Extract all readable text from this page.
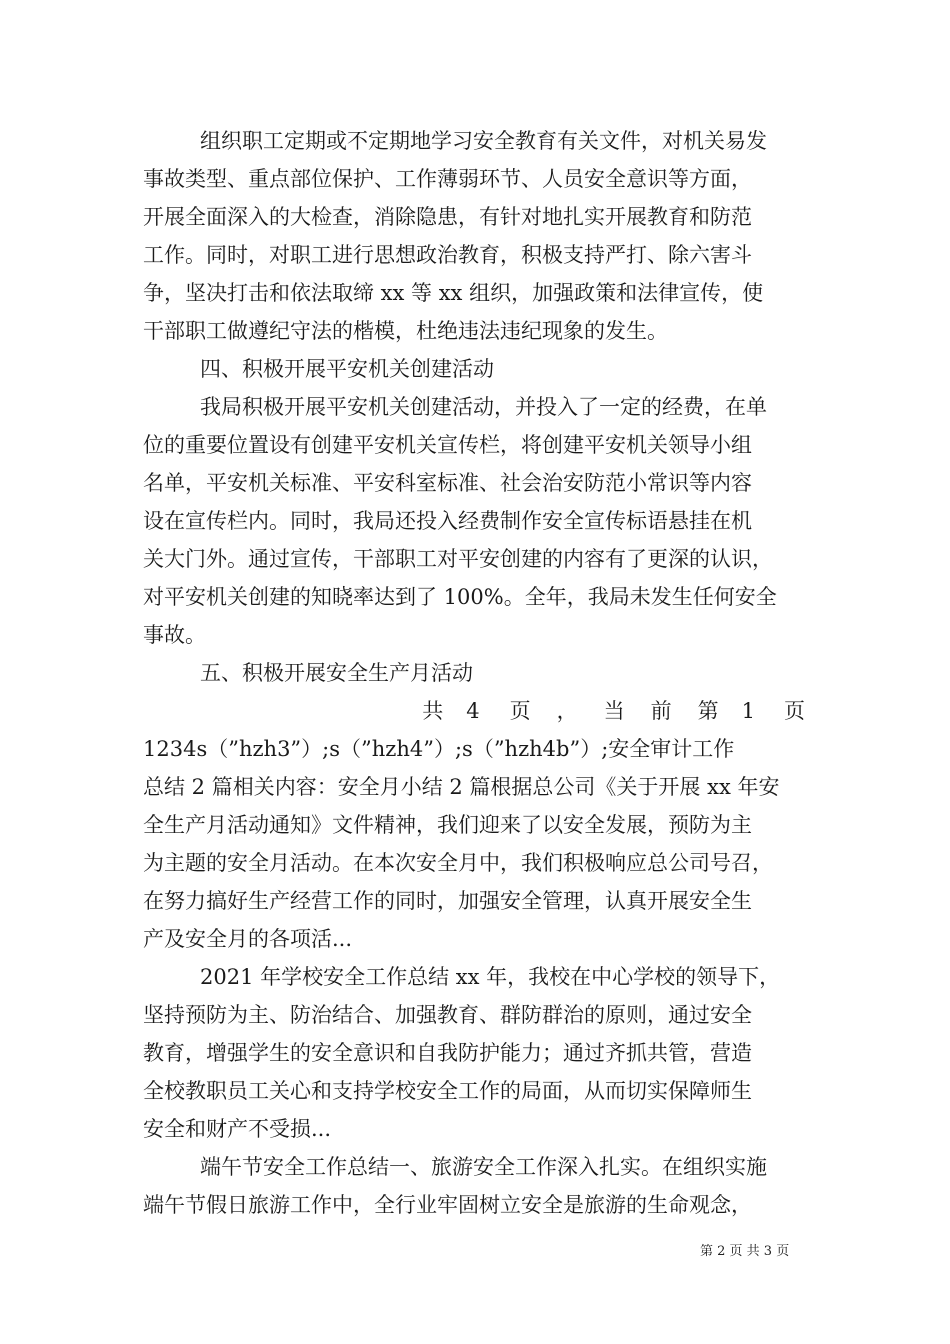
组织职工定期或不定期地学习安全教育有关文件，对机关易发
事故类型、重点部位保护、工作薄弱环节、人员安全意识等方面，
开展全面深入的大检查，消除隐患，有针对地扎实开展教育和防范
工作。同时，对职工进行思想政治教育，积极支持严打、除六害斗
争，坚决打击和依法取缔 xx 等 xx 组织，加强政策和法律宣传，使
干部职工做遵纪守法的楷模，杜绝违法违纪现象的发生。
四、积极开展平安机关创建活动
我局积极开展平安机关创建活动，并投入了一定的经费，在单
位的重要位置设有创建平安机关宣传栏，将创建平安机关领导小组
名单，平安机关标准、平安科室标准、社会治安防范小常识等内容
设在宣传栏内。同时，我局还投入经费制作安全宣传标语悬挂在机
关大门外。通过宣传，干部职工对平安创建的内容有了更深的认识，
对平安机关创建的知晓率达到了 100%。全年，我局未发生任何安全
事故。
五、积极开展安全生产月活动
共 4 页 ， 当 前 第 1 页
1234s（”hzh3”）;s（”hzh4”）;s（”hzh4b”）;安全审计工作
总结 2 篇相关内容：安全月小结 2 篇根据总公司《关于开展 xx 年安
全生产月活动通知》文件精神，我们迎来了以安全发展，预防为主
为主题的安全月活动。在本次安全月中，我们积极响应总公司号召，
在努力搞好生产经营工作的同时，加强安全管理，认真开展安全生
产及安全月的各项活...
2021 年学校安全工作总结 xx 年，我校在中心学校的领导下，
坚持预防为主、防治结合、加强教育、群防群治的原则，通过安全
教育，增强学生的安全意识和自我防护能力；通过齐抓共管，营造
全校教职员工关心和支持学校安全工作的局面，从而切实保障师生
安全和财产不受损...
端午节安全工作总结一、旅游安全工作深入扎实。在组织实施
端午节假日旅游工作中，全行业牢固树立安全是旅游的生命观念，
第 2 页 共 3 页
